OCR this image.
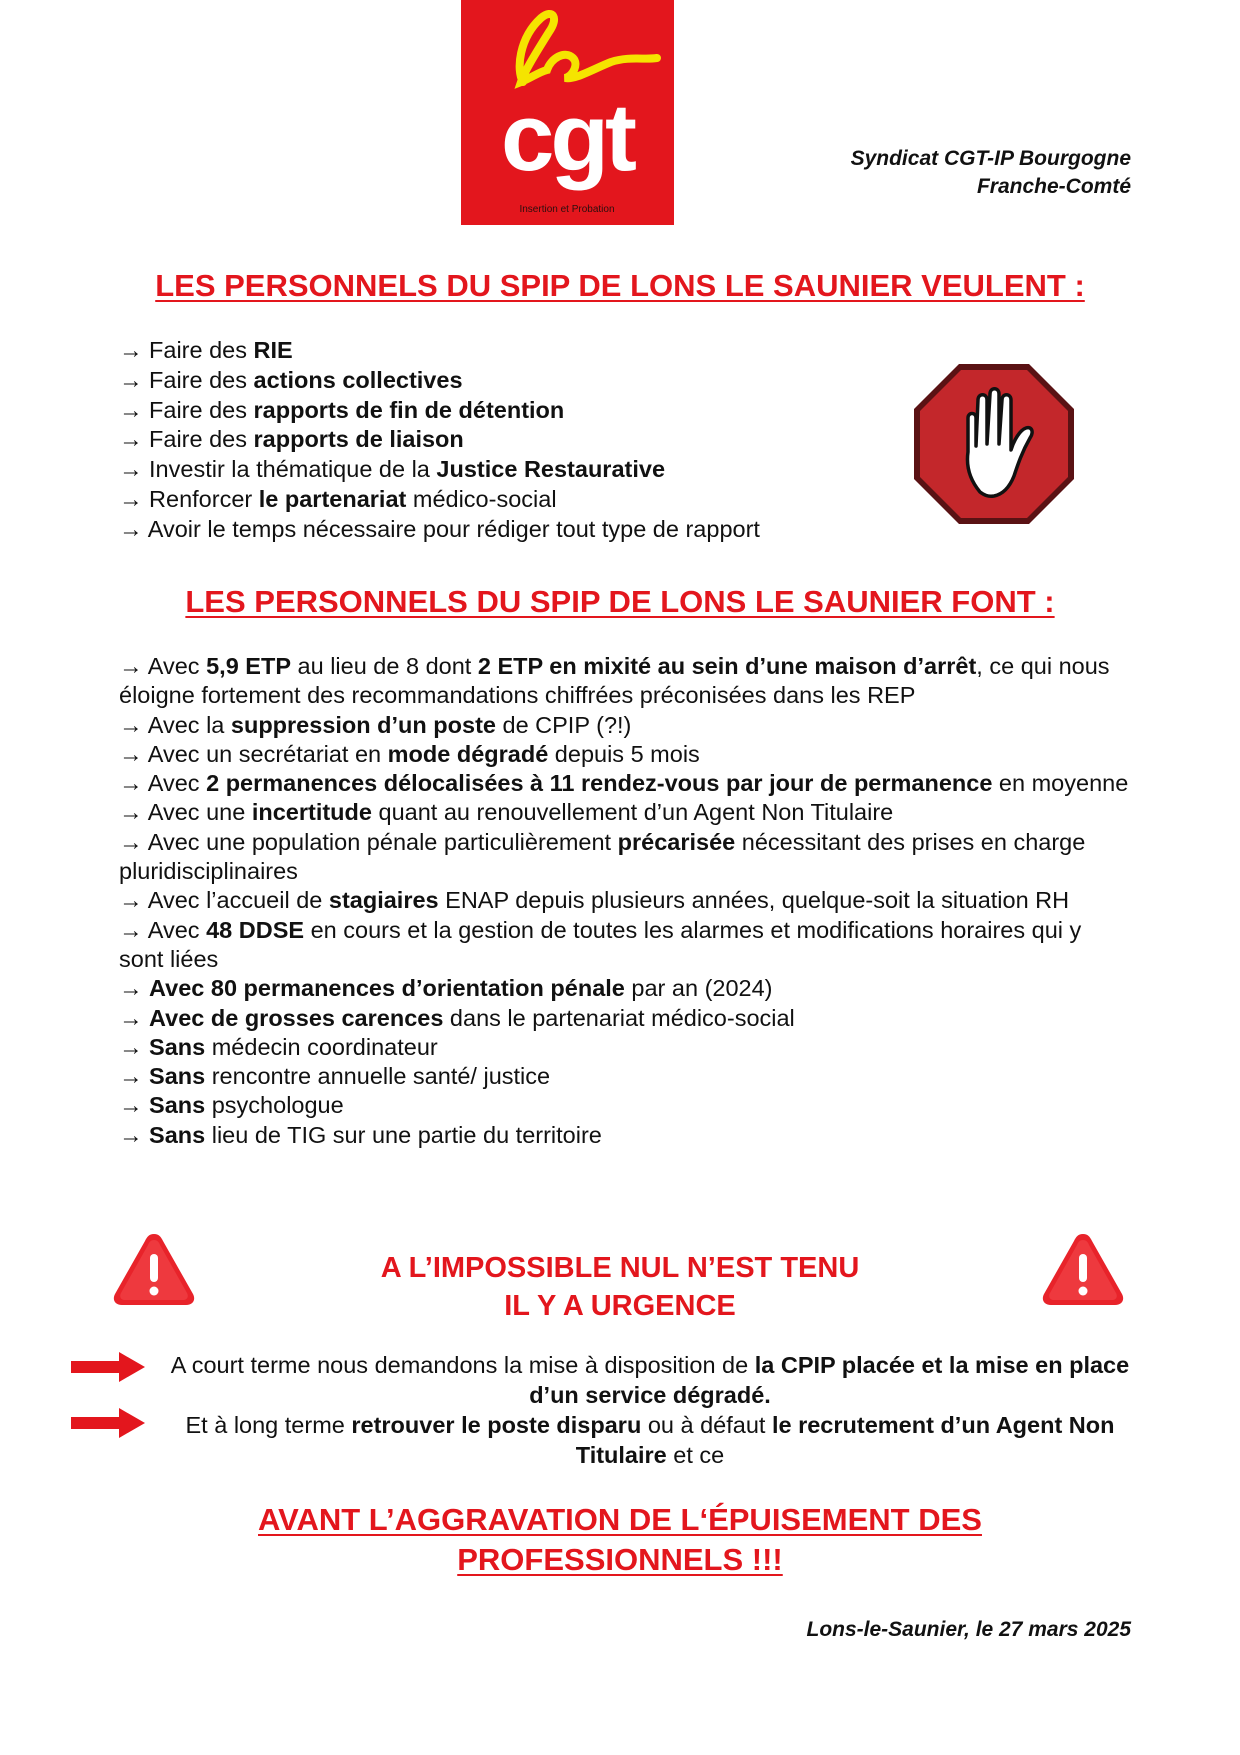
cgt
Insertion et Probation
Syndicat CGT-IP Bourgogne
Franche-Comté
LES PERSONNELS DU SPIP DE LONS LE SAUNIER VEULENT :
→ Faire des RIE
→ Faire des actions collectives
→ Faire des rapports de fin de détention
→ Faire des rapports de liaison
→ Investir la thématique de la Justice Restaurative
→ Renforcer le partenariat médico-social
→ Avoir le temps nécessaire pour rédiger tout type de rapport
LES PERSONNELS DU SPIP DE LONS LE SAUNIER FONT :
→ Avec 5,9 ETP au lieu de 8 dont 2 ETP en mixité au sein d’une maison d’arrêt, ce qui nous éloigne fortement des recommandations chiffrées préconisées dans les REP
→ Avec la suppression d’un poste de CPIP (?!)
→ Avec un secrétariat en mode dégradé depuis 5 mois
→ Avec 2 permanences délocalisées à 11 rendez-vous par jour de permanence en moyenne
→ Avec une incertitude quant au renouvellement d’un Agent Non Titulaire
→ Avec une population pénale particulièrement précarisée nécessitant des prises en charge pluridisciplinaires
→ Avec l’accueil de stagiaires ENAP depuis plusieurs années, quelque-soit la situation RH
→ Avec 48 DDSE en cours et la gestion de toutes les alarmes et modifications horaires qui y sont liées
→ Avec 80 permanences d’orientation pénale par an (2024)
→ Avec de grosses carences dans le partenariat médico-social
→ Sans médecin coordinateur
→ Sans rencontre annuelle santé/ justice
→ Sans psychologue
→ Sans lieu de TIG sur une partie du territoire
A L’IMPOSSIBLE NUL N’EST TENU
IL Y A URGENCE
A court terme nous demandons la mise à disposition de la CPIP placée et la mise en place d’un service dégradé.
Et à long terme retrouver le poste disparu ou à défaut le recrutement d’un Agent Non Titulaire et ce
AVANT L’AGGRAVATION DE L‘ÉPUISEMENT DES
PROFESSIONNELS !!!
Lons-le-Saunier, le 27 mars 2025
